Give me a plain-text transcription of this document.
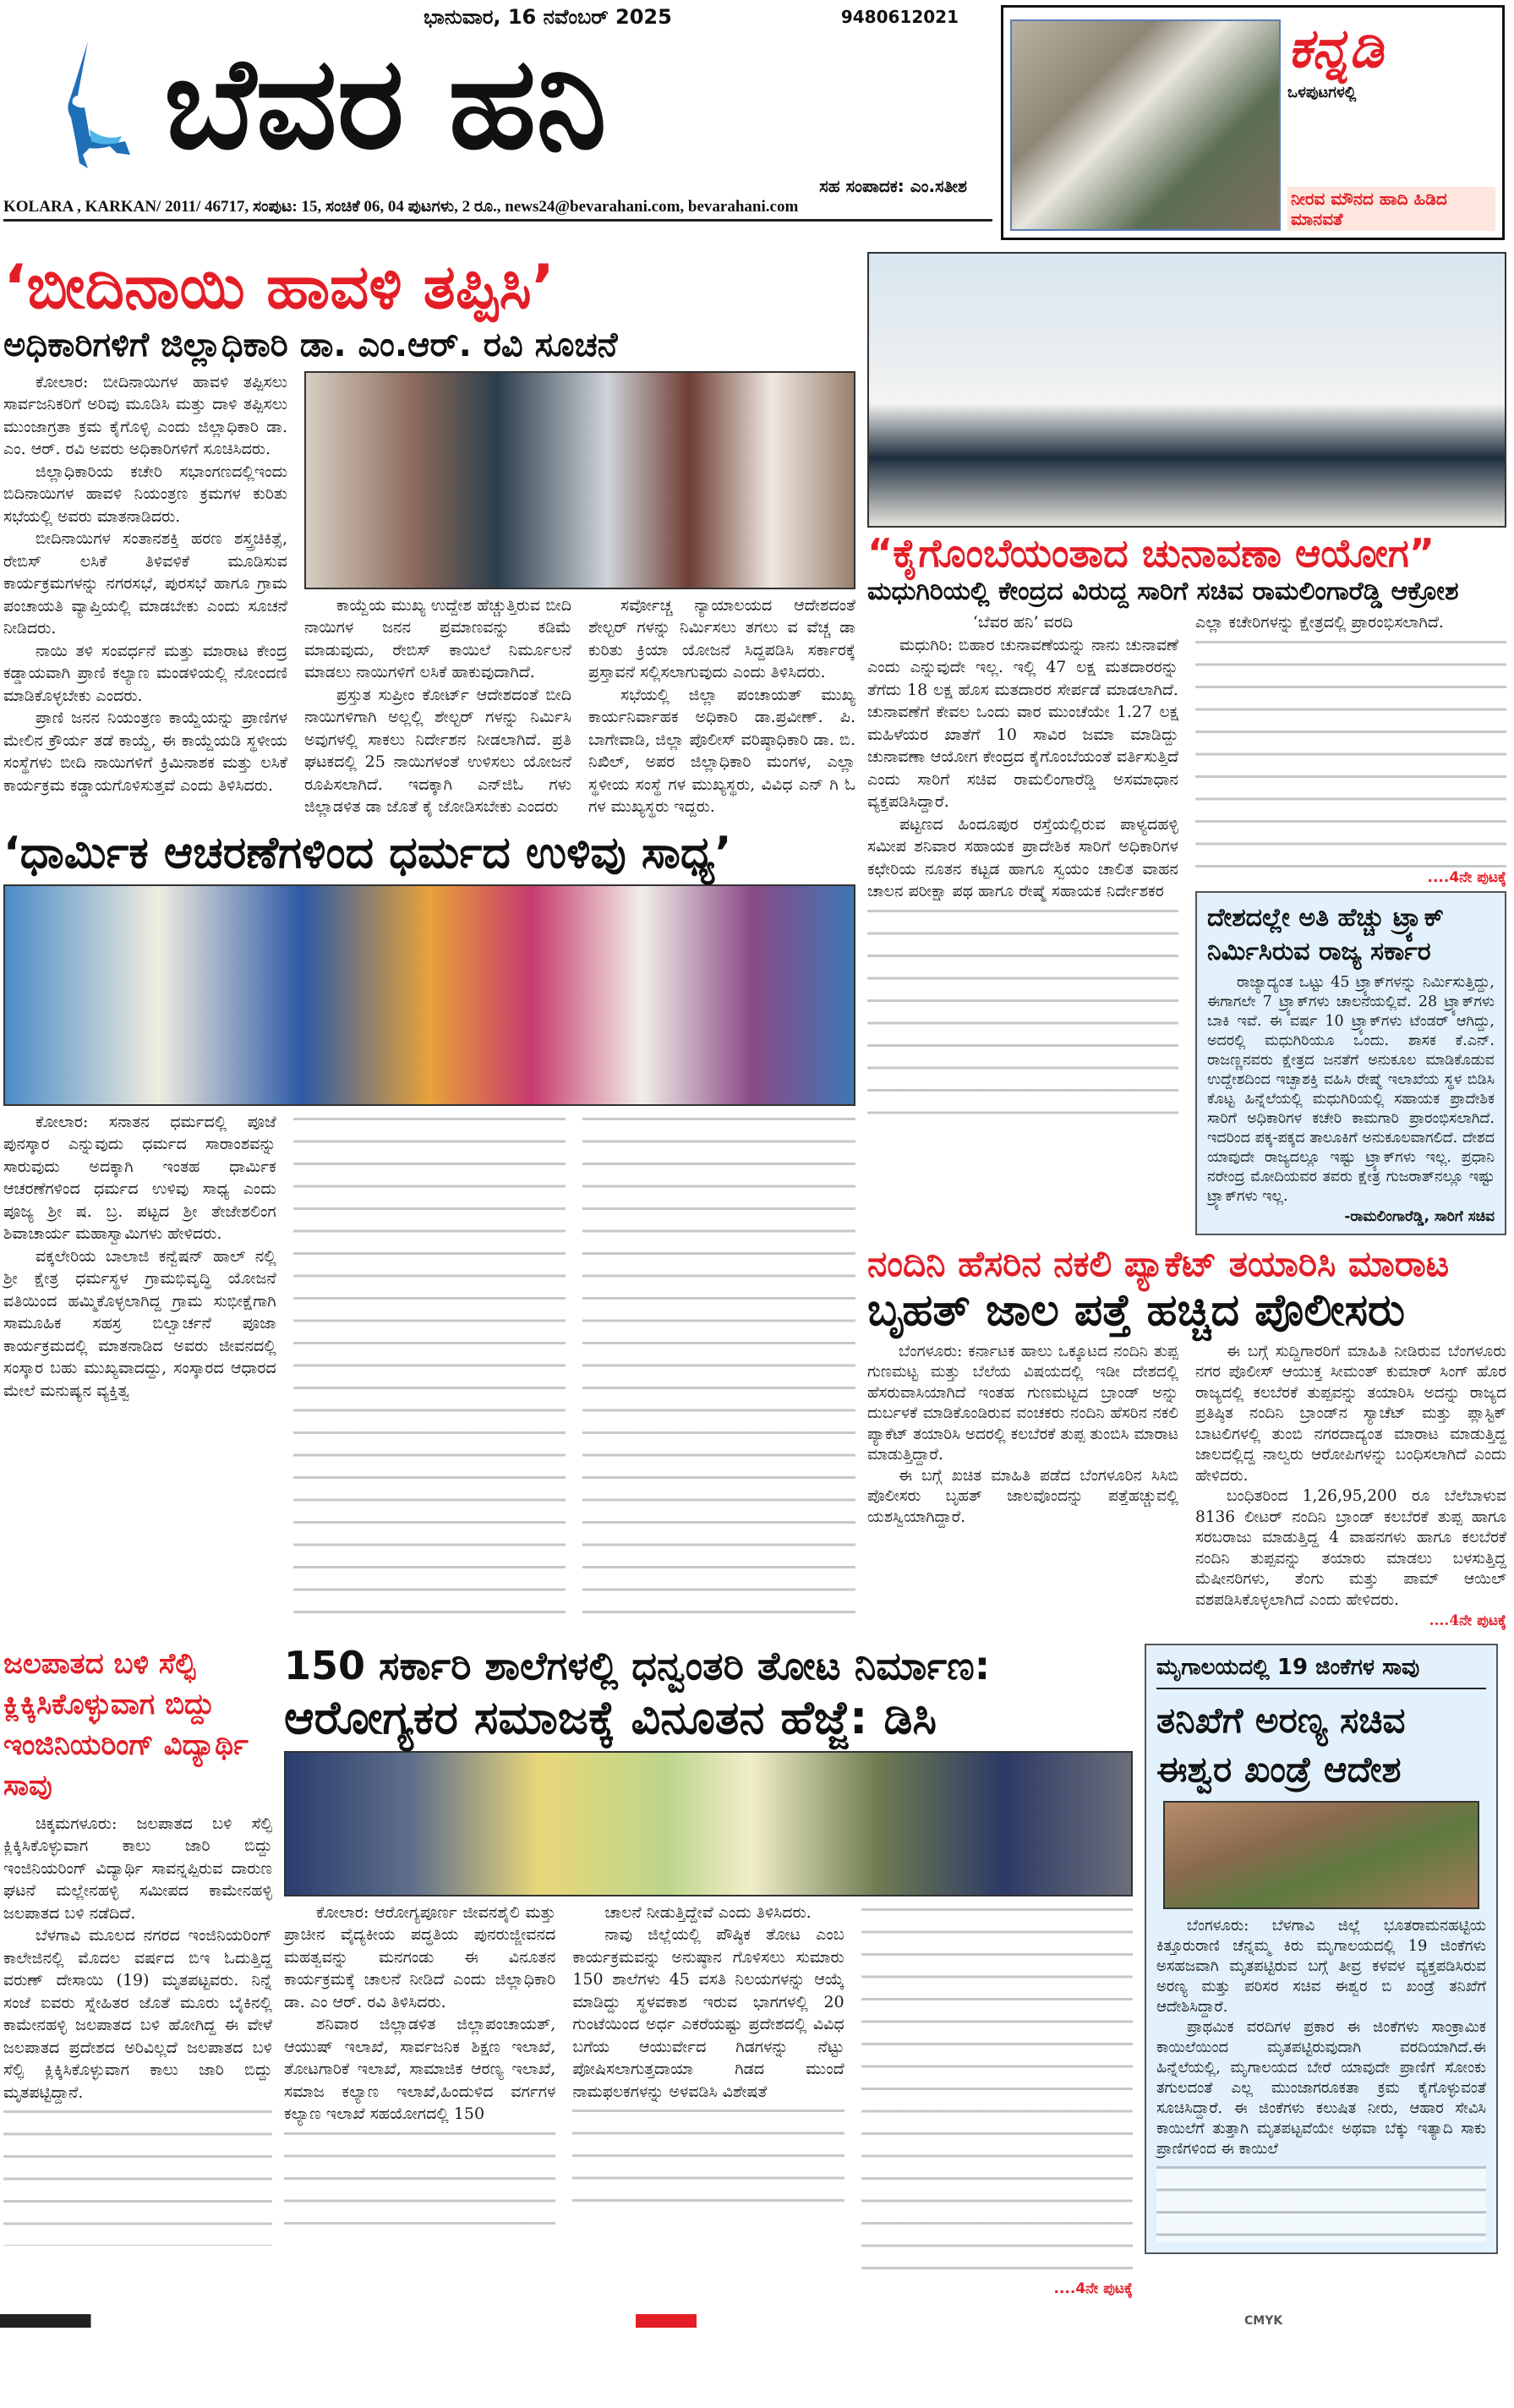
ಭಾನುವಾರ, 16 ನವೆಂಬರ್ 2025	9480612021
ಬೆವರ ಹನಿ
ಸಹ ಸಂಪಾದಕ: ಎಂ.ಸತೀಶ
KOLARA , KARKAN/ 2011/ 46717, ಸಂಪುಟ: 15, ಸಂಚಿಕೆ 06, 04 ಪುಟಗಳು, 2 ರೂ., news24@bevarahani.com, bevarahani.com
ಕನ್ನಡಿ
ಒಳಪುಟಗಳಲ್ಲಿ
ನೀರವ ಮೌನದ ಹಾದಿ ಹಿಡಿದ ಮಾನವತೆ
‘ಬೀದಿನಾಯಿ ಹಾವಳಿ ತಪ್ಪಿಸಿ’
ಅಧಿಕಾರಿಗಳಿಗೆ ಜಿಲ್ಲಾಧಿಕಾರಿ ಡಾ. ಎಂ.ಆರ್. ರವಿ ಸೂಚನೆ

ಕೋಲಾರ: ಬೀದಿನಾಯಿಗಳ ಹಾವಳಿ ತಪ್ಪಿಸಲು ಸಾರ್ವಜನಿಕರಿಗೆ ಅರಿವು ಮೂಡಿಸಿ ಮತ್ತು ದಾಳಿ ತಪ್ಪಿಸಲು ಮುಂಜಾಗ್ರತಾ ಕ್ರಮ ಕೈಗೊಳ್ಳಿ ಎಂದು ಜಿಲ್ಲಾಧಿಕಾರಿ ಡಾ. ಎಂ. ಆರ್. ರವಿ ಅವರು ಅಧಿಕಾರಿಗಳಿಗೆ ಸೂಚಿಸಿದರು.

ಜಿಲ್ಲಾಧಿಕಾರಿಯ ಕಚೇರಿ ಸಭಾಂಗಣದಲ್ಲಿಇಂದು ಬಿದಿನಾಯಿಗಳ ಹಾವಳಿ ನಿಯಂತ್ರಣ ಕ್ರಮಗಳ ಕುರಿತು ಸಭೆಯಲ್ಲಿ ಅವರು ಮಾತನಾಡಿದರು.

ಬೀದಿನಾಯಿಗಳ ಸಂತಾನಶಕ್ತಿ ಹರಣ ಶಸ್ತ್ರಚಿಕಿತ್ಸೆ, ರೇಬಿಸ್ ಲಸಿಕೆ ತಿಳಿವಳಿಕೆ ಮೂಡಿಸುವ ಕಾರ್ಯಕ್ರಮಗಳನ್ನು ನಗರಸಭೆ, ಪುರಸಭೆ ಹಾಗೂ ಗ್ರಾಮ ಪಂಚಾಯತಿ ವ್ಯಾಪ್ತಿಯಲ್ಲಿ ಮಾಡಬೇಕು ಎಂದು ಸೂಚನೆ ನೀಡಿದರು.

ನಾಯಿ ತಳಿ ಸಂವರ್ಧನೆ ಮತ್ತು ಮಾರಾಟ ಕೇಂದ್ರ ಕಡ್ಡಾಯವಾಗಿ ಪ್ರಾಣಿ ಕಲ್ಯಾಣ ಮಂಡಳಿಯಲ್ಲಿ ನೋಂದಣಿ ಮಾಡಿಕೊಳ್ಳಬೇಕು ಎಂದರು.

ಪ್ರಾಣಿ ಜನನ ನಿಯಂತ್ರಣ ಕಾಯ್ದೆಯನ್ನು ಪ್ರಾಣಿಗಳ ಮೇಲಿನ ಕ್ರೌರ್ಯ ತಡೆ ಕಾಯ್ದೆ, ಈ ಕಾಯ್ದೆಯಡಿ ಸ್ಥಳೀಯ ಸಂಸ್ಥೆಗಳು ಬೀದಿ ನಾಯಿಗಳಿಗೆ ಕ್ರಿಮಿನಾಶಕ ಮತ್ತು ಲಸಿಕೆ ಕಾರ್ಯಕ್ರಮ ಕಡ್ಡಾಯಗೊಳಿಸುತ್ತವೆ ಎಂದು ತಿಳಿಸಿದರು.

ಕಾಯ್ದೆಯ ಮುಖ್ಯ ಉದ್ದೇಶ ಹೆಚ್ಚುತ್ತಿರುವ ಬೀದಿ ನಾಯಿಗಳ ಜನನ ಪ್ರಮಾಣವನ್ನು ಕಡಿಮೆ ಮಾಡುವುದು, ರೇಬಿಸ್ ಕಾಯಿಲೆ ನಿರ್ಮೂಲನೆ ಮಾಡಲು ನಾಯಿಗಳಿಗೆ ಲಸಿಕೆ ಹಾಕುವುದಾಗಿದೆ.

ಪ್ರಸ್ತುತ ಸುಪ್ರೀಂ ಕೋರ್ಟ್ ಆದೇಶದಂತೆ ಬೀದಿ ನಾಯಿಗಳಿಗಾಗಿ ಅಲ್ಲಲ್ಲಿ ಶೇಲ್ಟರ್ ಗಳನ್ನು ನಿರ್ಮಿಸಿ ಅವುಗಳಲ್ಲಿ ಸಾಕಲು ನಿರ್ದೇಶನ ನೀಡಲಾಗಿದೆ. ಪ್ರತಿ ಘಟಕದಲ್ಲಿ 25 ನಾಯಿಗಳಂತೆ ಉಳಿಸಲು ಯೋಜನೆ ರೂಪಿಸಲಾಗಿದೆ. ಇದಕ್ಕಾಗಿ ಎನ್‌ಜಿಓ ಗಳು ಜಿಲ್ಲಾಡಳಿತ ಡಾ ಜೊತೆ ಕೈ ಜೋಡಿಸಬೇಕು ಎಂದರು

ಸರ್ವೋಚ್ಚ ನ್ಯಾಯಾಲಯದ ಆದೇಶದಂತೆ ಶೇಲ್ಟರ್ ಗಳನ್ನು ನಿರ್ಮಿಸಲು ತಗಲು ವ ವೆಚ್ಚ ಡಾ ಕುರಿತು ಕ್ರಿಯಾ ಯೋಜನೆ ಸಿದ್ದಪಡಿಸಿ ಸರ್ಕಾರಕ್ಕೆ ಪ್ರಸ್ತಾವನೆ ಸಲ್ಲಿಸಲಾಗುವುದು ಎಂದು ತಿಳಿಸಿದರು.

ಸಭೆಯಲ್ಲಿ ಜಿಲ್ಲಾ ಪಂಚಾಯತ್ ಮುಖ್ಯ ಕಾರ್ಯನಿರ್ವಾಹಕ ಅಧಿಕಾರಿ ಡಾ.ಪ್ರವೀಣ್. ಪಿ. ಬಾಗೇವಾಡಿ, ಜಿಲ್ಲಾ ಪೊಲೀಸ್ ವರಿಷ್ಠಾಧಿಕಾರಿ ಡಾ. ಬಿ. ನಿಖಿಲ್, ಅಪರ ಜಿಲ್ಲಾಧಿಕಾರಿ ಮಂಗಳ, ಎಲ್ಲಾ ಸ್ಥಳೀಯ ಸಂಸ್ಥೆ ಗಳ ಮುಖ್ಯಸ್ಥರು, ವಿವಿಧ ಎನ್ ಗಿ ಓ ಗಳ ಮುಖ್ಯಸ್ಥರು ಇದ್ದರು.

‘ಧಾರ್ಮಿಕ ಆಚರಣೆಗಳಿಂದ ಧರ್ಮದ ಉಳಿವು ಸಾಧ್ಯ’

ಕೋಲಾರ: ಸನಾತನ ಧರ್ಮದಲ್ಲಿ ಪೂಜೆ ಪುನಸ್ಕಾರ ಎನ್ನುವುದು ಧರ್ಮದ ಸಾರಾಂಶವನ್ನು ಸಾರುವುದು ಅದಕ್ಕಾಗಿ ಇಂತಹ ಧಾರ್ಮಿಕ ಆಚರಣೆಗಳಿಂದ ಧರ್ಮದ ಉಳಿವು ಸಾಧ್ಯ ಎಂದು ಪೂಜ್ಯ ಶ್ರೀ ಷ. ಬ್ರ. ಪಟ್ಟದ ಶ್ರೀ ತೇಜೇಶಲಿಂಗ ಶಿವಾಚಾರ್ಯ ಮಹಾಸ್ವಾಮಿಗಳು ಹೇಳಿದರು.

ವಕ್ಕಲೇರಿಯ ಬಾಲಾಜಿ ಕನ್ವೆಷನ್ ಹಾಲ್ ನಲ್ಲಿ ಶ್ರೀ ಕ್ಷೇತ್ರ ಧರ್ಮಸ್ಥಳ ಗ್ರಾಮಭಿವೃದ್ಧಿ ಯೋಜನೆ ವತಿಯಿಂದ ಹಮ್ಮಿಕೊಳ್ಳಲಾಗಿದ್ದ ಗ್ರಾಮ ಸುಭೀಕ್ಷೆಗಾಗಿ ಸಾಮೂಹಿಕ ಸಹಸ್ರ ಬಿಲ್ವಾರ್ಚನೆ ಪೂಜಾ ಕಾರ್ಯಕ್ರಮದಲ್ಲಿ ಮಾತನಾಡಿದ ಅವರು ಜೀವನದಲ್ಲಿ ಸಂಸ್ಕಾರ ಬಹು ಮುಖ್ಯವಾದದ್ದು, ಸಂಸ್ಕಾರದ ಆಧಾರದ ಮೇಲೆ ಮನುಷ್ಯನ ವ್ಯಕ್ತಿತ್ವ

“ಕೈಗೊಂಬೆಯಂತಾದ ಚುನಾವಣಾ ಆಯೋಗ”
ಮಧುಗಿರಿಯಲ್ಲಿ ಕೇಂದ್ರದ ವಿರುದ್ದ ಸಾರಿಗೆ ಸಚಿವ ರಾಮಲಿಂಗಾರೆಡ್ಡಿ ಆಕ್ರೋಶ
‘ಬೆವರ ಹನಿ’ ವರದಿ

ಮಧುಗಿರಿ: ಬಿಹಾರ ಚುನಾವಣೆಯನ್ನು ನಾನು ಚುನಾವಣೆ ಎಂದು ಎನ್ನುವುದೇ ಇಲ್ಲ. ಇಲ್ಲಿ 47 ಲಕ್ಷ ಮತದಾರರನ್ನು ತೆಗೆದು 18 ಲಕ್ಷ ಹೊಸ ಮತದಾರರ ಸೇರ್ಪಡೆ ಮಾಡಲಾಗಿದೆ. ಚುನಾವಣೆಗೆ ಕೇವಲ ಒಂದು ವಾರ ಮುಂಚೆಯೇ 1.27 ಲಕ್ಷ ಮಹಿಳೆಯರ ಖಾತೆಗೆ 10 ಸಾವಿರ ಜಮಾ ಮಾಡಿದ್ದು ಚುನಾವಣಾ ಆಯೋಗ ಕೇಂದ್ರದ ಕೈಗೊಂಬೆಯಂತೆ ವರ್ತಿಸುತ್ತಿದೆ ಎಂದು ಸಾರಿಗೆ ಸಚಿವ ರಾಮಲಿಂಗಾರೆಡ್ಡಿ ಅಸಮಾಧಾನ ವ್ಯಕ್ತಪಡಿಸಿದ್ದಾರೆ.

ಪಟ್ಟಣದ ಹಿಂದೂಪುರ ರಸ್ತೆಯಲ್ಲಿರುವ ಪಾಳ್ಯದಹಳ್ಳಿ ಸಮೀಪ ಶನಿವಾರ ಸಹಾಯಕ ಪ್ರಾದೇಶಿಕ ಸಾರಿಗೆ ಅಧಿಕಾರಿಗಳ ಕಛೇರಿಯ ನೂತನ ಕಟ್ಟಡ ಹಾಗೂ ಸ್ವಯಂ ಚಾಲಿತ ವಾಹನ ಚಾಲನ ಪರೀಕ್ಷಾ ಪಥ ಹಾಗೂ ರೇಷ್ಮೆ ಸಹಾಯಕ ನಿರ್ದೇಶಕರ

ಎಲ್ಲಾ ಕಚೇರಿಗಳನ್ನು ಕ್ಷೇತ್ರದಲ್ಲಿ ಪ್ರಾರಂಭಿಸಲಾಗಿದೆ.
....4ನೇ ಪುಟಕ್ಕೆ
ದೇಶದಲ್ಲೇ ಅತಿ ಹೆಚ್ಚು ಟ್ರ್ಯಾಕ್ ನಿರ್ಮಿಸಿರುವ ರಾಜ್ಯ ಸರ್ಕಾರ

ರಾಜ್ಯಾದ್ಯಂತ ಒಟ್ಟು 45 ಟ್ರ್ಯಾಕ್‌ಗಳನ್ನು ನಿರ್ಮಿಸುತ್ತಿದ್ದು, ಈಗಾಗಲೇ 7 ಟ್ರ್ಯಾಕ್‌ಗಳು ಚಾಲನೆಯಲ್ಲಿವೆ. 28 ಟ್ರ್ಯಾಕ್‌ಗಳು ಬಾಕಿ ಇವೆ. ಈ ವರ್ಷ 10 ಟ್ರ್ಯಾಕ್‌ಗಳು ಟೆಂಡರ್ ಆಗಿದ್ದು, ಅದರಲ್ಲಿ ಮಧುಗಿರಿಯೂ ಒಂದು. ಶಾಸಕ ಕೆ.ಎನ್. ರಾಜಣ್ಣನವರು ಕ್ಷೇತ್ರದ ಜನತೆಗೆ ಅನುಕೂಲ ಮಾಡಿಕೊಡುವ ಉದ್ದೇಶದಿಂದ ಇಚ್ಛಾಶಕ್ತಿ ವಹಿಸಿ ರೇಷ್ಮೆ ಇಲಾಖೆಯ ಸ್ಥಳ ಬಿಡಿಸಿ ಕೊಟ್ಟ ಹಿನ್ನೆಲೆಯಲ್ಲಿ ಮಧುಗಿರಿಯಲ್ಲಿ ಸಹಾಯಕ ಪ್ರಾದೇಶಿಕ ಸಾರಿಗೆ ಅಧಿಕಾರಿಗಳ ಕಚೇರಿ ಕಾಮಗಾರಿ ಪ್ರಾರಂಭಿಸಲಾಗಿದೆ. ಇದರಿಂದ ಪಕ್ಕ-ಪಕ್ಕದ ತಾಲೂಕಿಗೆ ಅನುಕೂಲವಾಗಲಿದೆ. ದೇಶದ ಯಾವುದೇ ರಾಜ್ಯದಲ್ಲೂ ಇಷ್ಟು ಟ್ರ್ಯಾಕ್‌ಗಳು ಇಲ್ಲ. ಪ್ರಧಾನಿ ನರೇಂದ್ರ ಮೋದಿಯವರ ತವರು ಕ್ಷೇತ್ರ ಗುಜರಾತ್‌ನಲ್ಲೂ ಇಷ್ಟು ಟ್ರ್ಯಾಕ್‌ಗಳು ಇಲ್ಲ.

-ರಾಮಲಿಂಗಾರೆಡ್ಡಿ, ಸಾರಿಗೆ ಸಚಿವ
ನಂದಿನಿ ಹೆಸರಿನ ನಕಲಿ ಪ್ಯಾಕೆಟ್ ತಯಾರಿಸಿ ಮಾರಾಟ
ಬೃಹತ್ ಜಾಲ ಪತ್ತೆ ಹಚ್ಚಿದ ಪೊಲೀಸರು

ಬೆಂಗಳೂರು: ಕರ್ನಾಟಕ ಹಾಲು ಒಕ್ಕೂಟದ ನಂದಿನಿ ತುಪ್ಪ ಗುಣಮಟ್ಟ ಮತ್ತು ಬೆಲೆಯ ವಿಷಯದಲ್ಲಿ ಇಡೀ ದೇಶದಲ್ಲಿ ಹೆಸರುವಾಸಿಯಾಗಿದೆ ಇಂತಹ ಗುಣಮಟ್ಟದ ಬ್ರಾಂಡ್ ಅನ್ನು ದುರ್ಬಳಕೆ ಮಾಡಿಕೊಂಡಿರುವ ವಂಚಕರು ನಂದಿನಿ ಹೆಸರಿನ ನಕಲಿ ಪ್ಯಾಕೆಟ್ ತಯಾರಿಸಿ ಅದರಲ್ಲಿ ಕಲಬೆರಕೆ ತುಪ್ಪ ತುಂಬಿಸಿ ಮಾರಾಟ ಮಾಡುತ್ತಿದ್ದಾರೆ.

ಈ ಬಗ್ಗೆ ಖಚಿತ ಮಾಹಿತಿ ಪಡೆದ ಬೆಂಗಳೂರಿನ ಸಿಸಿಬಿ ಪೊಲೀಸರು ಬೃಹತ್ ಜಾಲವೊಂದನ್ನು ಪತ್ತೆಹಚ್ಚುವಲ್ಲಿ ಯಶಸ್ವಿಯಾಗಿದ್ದಾರೆ.

ಈ ಬಗ್ಗೆ ಸುದ್ದಿಗಾರರಿಗೆ ಮಾಹಿತಿ ನೀಡಿರುವ ಬೆಂಗಳೂರು ನಗರ ಪೊಲೀಸ್ ಆಯುಕ್ತ ಸೀಮಂತ್ ಕುಮಾರ್ ಸಿಂಗ್ ಹೊರ ರಾಜ್ಯದಲ್ಲಿ ಕಲಬೆರಕೆ ತುಪ್ಪವನ್ನು ತಯಾರಿಸಿ ಅದನ್ನು ರಾಜ್ಯದ ಪ್ರತಿಷ್ಠಿತ ನಂದಿನಿ ಬ್ರಾಂಡ್‌ನ ಸ್ಯಾಚೆಟ್ ಮತ್ತು ಪ್ಲಾಸ್ಟಿಕ್ ಬಾಟಲಿಗಳಲ್ಲಿ ತುಂಬಿ ನಗರದಾದ್ಯಂತ ಮಾರಾಟ ಮಾಡುತ್ತಿದ್ದ ಜಾಲದಲ್ಲಿದ್ದ ನಾಲ್ವರು ಆರೋಪಿಗಳನ್ನು ಬಂಧಿಸಲಾಗಿದೆ ಎಂದು ಹೇಳಿದರು.

ಬಂಧಿತರಿಂದ 1,26,95,200 ರೂ ಬೆಲೆಬಾಳುವ 8136 ಲೀಟರ್ ನಂದಿನಿ ಬ್ರಾಂಡ್ ಕಲಬೆರಕೆ ತುಪ್ಪ ಹಾಗೂ ಸರಬರಾಜು ಮಾಡುತ್ತಿದ್ದ 4 ವಾಹನಗಳು ಹಾಗೂ ಕಲಬೆರಕೆ ನಂದಿನಿ ತುಪ್ಪವನ್ನು ತಯಾರು ಮಾಡಲು ಬಳಸುತ್ತಿದ್ದ ಮೆಷೀನರಿಗಳು, ತೆಂಗು ಮತ್ತು ಪಾಮ್ ಆಯಿಲ್ ವಶಪಡಿಸಿಕೊಳ್ಳಲಾಗಿದೆ ಎಂದು ಹೇಳಿದರು.

....4ನೇ ಪುಟಕ್ಕೆ
ಜಲಪಾತದ ಬಳಿ ಸೆಲ್ಫಿ ಕ್ಲಿಕ್ಕಿಸಿಕೊಳ್ಳುವಾಗ ಬಿದ್ದು ಇಂಜಿನಿಯರಿಂಗ್ ವಿದ್ಯಾರ್ಥಿ ಸಾವು

ಚಿಕ್ಕಮಗಳೂರು: ಜಲಪಾತದ ಬಳಿ ಸೆಲ್ಫಿ ಕ್ಲಿಕ್ಕಿಸಿಕೊಳ್ಳುವಾಗ ಕಾಲು ಜಾರಿ ಬಿದ್ದು ಇಂಜಿನಿಯರಿಂಗ್ ವಿದ್ಯಾರ್ಥಿ ಸಾವನ್ನಪ್ಪಿರುವ ದಾರುಣ ಘಟನೆ ಮಲ್ಲೇನಹಳ್ಳಿ ಸಮೀಪದ ಕಾಮೇನಹಳ್ಳಿ ಜಲಪಾತದ ಬಳಿ ನಡೆದಿದೆ.

ಬೆಳಗಾವಿ ಮೂಲದ ನಗರದ ಇಂಜಿನಿಯರಿಂಗ್ ಕಾಲೇಜಿನಲ್ಲಿ ಮೊದಲ ವರ್ಷದ ಬಿಇ ಓದುತ್ತಿದ್ದ ವರುಣ್ ದೇಸಾಯಿ (19) ಮೃತಪಟ್ಟವರು. ನಿನ್ನೆ ಸಂಜೆ ಐವರು ಸ್ನೇಹಿತರ ಜೊತೆ ಮೂರು ಬೈಕಿನಲ್ಲಿ ಕಾಮೇನಹಳ್ಳಿ ಜಲಪಾತದ ಬಳಿ ಹೋಗಿದ್ದ ಈ ವೇಳೆ ಜಲಪಾತದ ಪ್ರದೇಶದ ಅರಿವಿಲ್ಲದೆ ಜಲಪಾತದ ಬಳಿ ಸೆಲ್ಫಿ ಕ್ಲಿಕ್ಕಿಸಿಕೊಳ್ಳುವಾಗ ಕಾಲು ಜಾರಿ ಬಿದ್ದು ಮೃತಪಟ್ಟಿದ್ದಾನೆ.

150 ಸರ್ಕಾರಿ ಶಾಲೆಗಳಲ್ಲಿ ಧನ್ವಂತರಿ ತೋಟ ನಿರ್ಮಾಣ:
ಆರೋಗ್ಯಕರ ಸಮಾಜಕ್ಕೆ ವಿನೂತನ ಹೆಜ್ಜೆ: ಡಿಸಿ

ಕೋಲಾರ: ಆರೋಗ್ಯಪೂರ್ಣ ಜೀವನಶೈಲಿ ಮತ್ತು ಪ್ರಾಚೀನ ವೈದ್ಯಕೀಯ ಪದ್ಧತಿಯ ಪುನರುಜ್ಜೀವನದ ಮಹತ್ವವನ್ನು ಮನಗಂಡು ಈ ವಿನೂತನ ಕಾರ್ಯಕ್ರಮಕ್ಕೆ ಚಾಲನೆ ನೀಡಿದೆ ಎಂದು ಜಿಲ್ಲಾಧಿಕಾರಿ ಡಾ. ಎಂ ಆರ್. ರವಿ ತಿಳಿಸಿದರು.

ಶನಿವಾರ ಜಿಲ್ಲಾಡಳಿತ ಜಿಲ್ಲಾಪಂಚಾಯತ್, ಆಯುಷ್ ಇಲಾಖೆ, ಸಾರ್ವಜನಿಕ ಶಿಕ್ಷಣ ಇಲಾಖೆ, ತೋಟಗಾರಿಕೆ ಇಲಾಖೆ, ಸಾಮಾಜಿಕ ಆರಣ್ಯ ಇಲಾಖೆ, ಸಮಾಜ ಕಲ್ಯಾಣ ಇಲಾಖೆ,ಹಿಂದುಳಿದ ವರ್ಗಗಳ ಕಲ್ಯಾಣ ಇಲಾಖೆ ಸಹಯೋಗದಲ್ಲಿ 150

ಚಾಲನೆ ನೀಡುತ್ತಿದ್ದೇವೆ ಎಂದು ತಿಳಿಸಿದರು.

ನಾವು ಜಿಲ್ಲೆಯಲ್ಲಿ ಪೌಷ್ಠಿಕ ತೋಟ ಎಂಬ ಕಾರ್ಯಕ್ರಮವನ್ನು ಅನುಷ್ಠಾನ ಗೊಳಿಸಲು ಸುಮಾರು 150 ಶಾಲೆಗಳು 45 ವಸತಿ ನಿಲಯಗಳನ್ನು ಆಯ್ಕೆ ಮಾಡಿದ್ದು ಸ್ಥಳವಕಾಶ ಇರುವ ಭಾಗಗಳಲ್ಲಿ 20 ಗುಂಟೆಯಿಂದ ಅರ್ಧ ಎಕರೆಯಷ್ಟು ಪ್ರದೇಶದಲ್ಲಿ ವಿವಿಧ ಬಗೆಯ ಆಯುರ್ವೇದ ಗಿಡಗಳನ್ನು ನೆಟ್ಟು ಪೋಷಿಸಲಾಗುತ್ತದಾಯಾ ಗಿಡದ ಮುಂದೆ ನಾಮಫಲಕಗಳನ್ನು ಅಳವಡಿಸಿ ವಿಶೇಷತೆ

....4ನೇ ಪುಟಕ್ಕೆ
ಮೃಗಾಲಯದಲ್ಲಿ 19 ಜಿಂಕೆಗಳ ಸಾವು
ತನಿಖೆಗೆ ಅರಣ್ಯ ಸಚಿವ ಈಶ್ವರ ಖಂಡ್ರೆ ಆದೇಶ

ಬೆಂಗಳೂರು: ಬೆಳಗಾವಿ ಜಿಲ್ಲೆ ಭೂತರಾಮನಹಟ್ಟಿಯ ಕಿತ್ತೂರುರಾಣಿ ಚೆನ್ನಮ್ಮ ಕಿರು ಮೃಗಾಲಯದಲ್ಲಿ 19 ಜಿಂಕೆಗಳು ಅಸಹಜವಾಗಿ ಮೃತಪಟ್ಟಿರುವ ಬಗ್ಗೆ ತೀವ್ರ ಕಳವಳ ವ್ಯಕ್ತಪಡಿಸಿರುವ ಅರಣ್ಯ ಮತ್ತು ಪರಿಸರ ಸಚಿವ ಈಶ್ವರ ಬಿ ಖಂಡ್ರೆ ತನಿಖೆಗೆ ಆದೇಶಿಸಿದ್ದಾರೆ.

ಪ್ರಾಥಮಿಕ ವರದಿಗಳ ಪ್ರಕಾರ ಈ ಜಿಂಕೆಗಳು ಸಾಂಕ್ರಾಮಿಕ ಕಾಯಿಲೆಯಿಂದ ಮೃತಪಟ್ಟಿರುವುದಾಗಿ ವರದಿಯಾಗಿದೆ.ಈ ಹಿನ್ನೆಲೆಯಲ್ಲಿ, ಮೃಗಾಲಯದ ಬೇರೆ ಯಾವುದೇ ಪ್ರಾಣಿಗೆ ಸೋಂಕು ತಗುಲದಂತೆ ಎಲ್ಲ ಮುಂಜಾಗರೂಕತಾ ಕ್ರಮ ಕೈಗೊಳ್ಳುವಂತೆ ಸೂಚಿಸಿದ್ದಾರೆ. ಈ ಜಿಂಕೆಗಳು ಕಲುಷಿತ ನೀರು, ಆಹಾರ ಸೇವಿಸಿ ಕಾಯಿಲೆಗೆ ತುತ್ತಾಗಿ ಮೃತಪಟ್ಟವೆಯೇ ಅಥವಾ ಬೆಕ್ಕು ಇತ್ಯಾದಿ ಸಾಕು ಪ್ರಾಣಿಗಳಿಂದ ಈ ಕಾಯಿಲೆ

CMYK
